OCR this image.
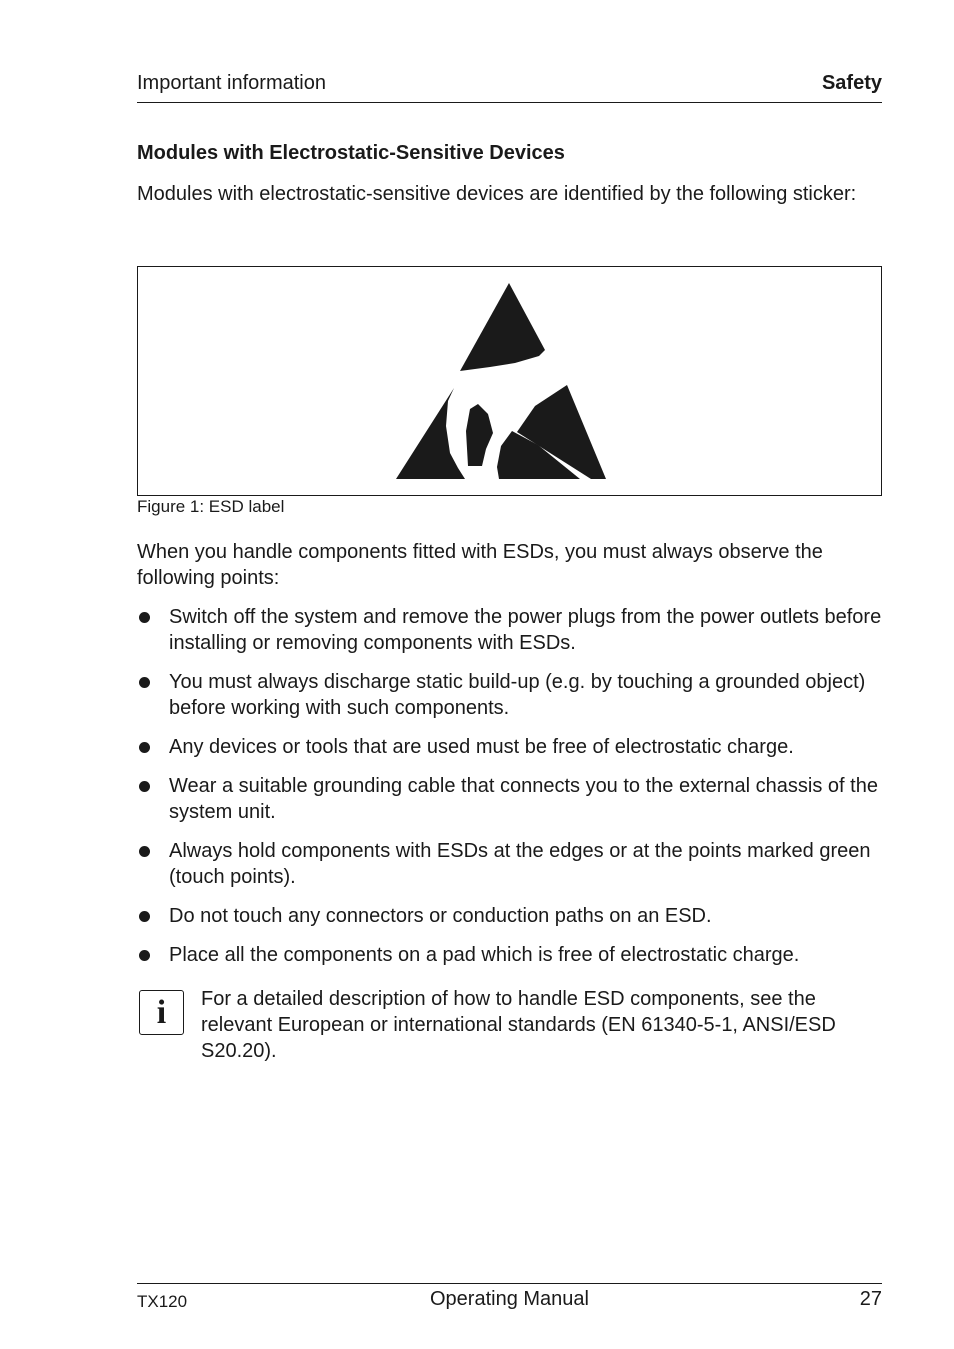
Important information	Safety
Modules with Electrostatic-Sensitive Devices
Modules with electrostatic-sensitive devices are identified by the following sticker:
Figure 1: ESD label
When you handle components fitted with ESDs, you must always observe the following points:
Switch off the system and remove the power plugs from the power outlets before installing or removing components with ESDs.
You must always discharge static build-up (e.g. by touching a grounded object) before working with such components.
Any devices or tools that are used must be free of electrostatic charge.
Wear a suitable grounding cable that connects you to the external chassis of the system unit.
Always hold components with ESDs at the edges or at the points marked green (touch points).
Do not touch any connectors or conduction paths on an ESD.
Place all the components on a pad which is free of electrostatic charge.
i	For a detailed description of how to handle ESD components, see the relevant European or international standards (EN 61340-5-1, ANSI/ESD S20.20).
TX120	Operating Manual	27
